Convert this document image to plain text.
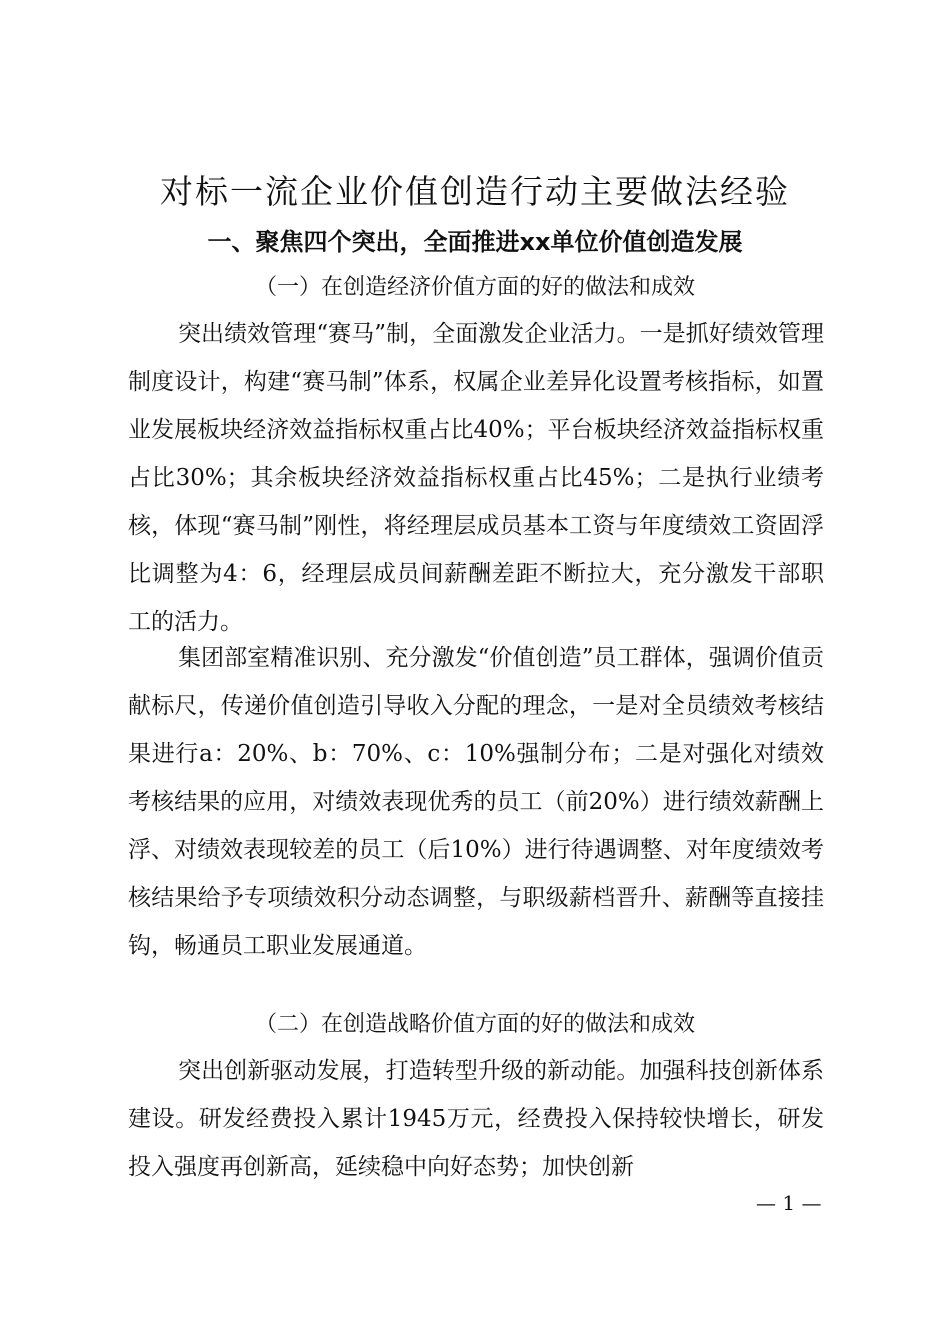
对标一流企业价值创造行动主要做法经验
一、聚焦四个突出，全面推进xx单位价值创造发展
（一）在创造经济价值方面的好的做法和成效

突出绩效管理“赛马”制，全面激发企业活力。一是抓好绩效管理制度设计，构建“赛马制”体系，权属企业差异化设置考核指标，如置业发展板块经济效益指标权重占比40%；平台板块经济效益指标权重占比30%；其余板块经济效益指标权重占比45%；二是执行业绩考核，体现“赛马制”刚性，将经理层成员基本工资与年度绩效工资固浮比调整为4：6，经理层成员间薪酬差距不断拉大，充分激发干部职工的活力。

集团部室精准识别、充分激发“价值创造”员工群体，强调价值贡献标尺，传递价值创造引导收入分配的理念，一是对全员绩效考核结果进行a：20%、b：70%、c：10%强制分布；二是对强化对绩效考核结果的应用，对绩效表现优秀的员工（前20%）进行绩效薪酬上浮、对绩效表现较差的员工（后10%）进行待遇调整、对年度绩效考核结果给予专项绩效积分动态调整，与职级薪档晋升、薪酬等直接挂钩，畅通员工职业发展通道。

（二）在创造战略价值方面的好的做法和成效

突出创新驱动发展，打造转型升级的新动能。加强科技创新体系建设。研发经费投入累计1945万元，经费投入保持较快增长，研发投入强度再创新高，延续稳中向好态势；加快创新

— 1 —
